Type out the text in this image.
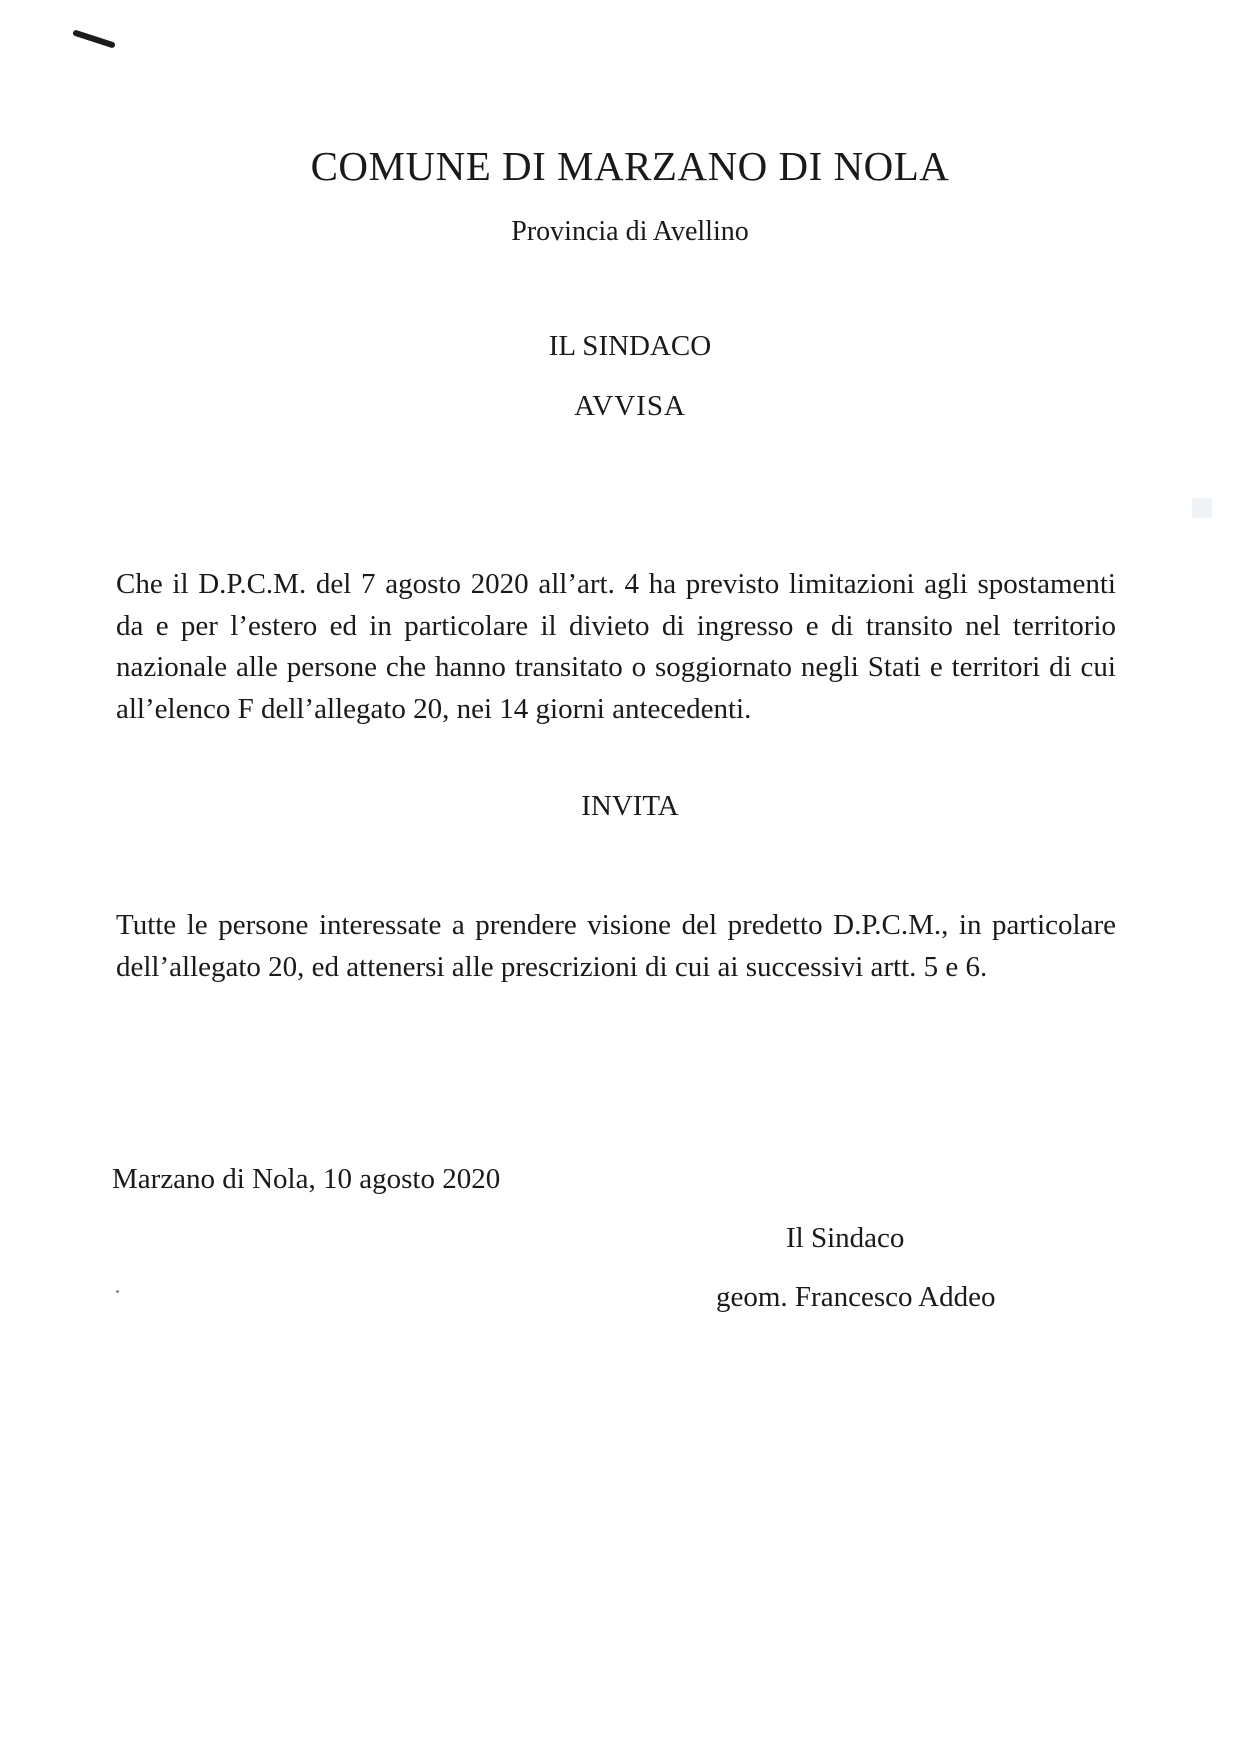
COMUNE DI MARZANO DI NOLA
Provincia di Avellino
IL SINDACO
AVVISA
Che il D.P.C.M. del 7 agosto 2020 all’art. 4 ha previsto limitazioni agli spostamenti da e per l’estero ed in particolare il divieto di ingresso e di transito nel territorio nazionale alle persone che hanno transitato o soggiornato negli Stati e territori di cui all’elenco F dell’allegato 20, nei 14 giorni antecedenti.
INVITA
Tutte le persone interessate a prendere visione del predetto D.P.C.M., in particolare dell’allegato 20, ed attenersi alle prescrizioni di cui ai successivi artt. 5 e 6.
Marzano di Nola, 10 agosto 2020
Il Sindaco
geom. Francesco Addeo
